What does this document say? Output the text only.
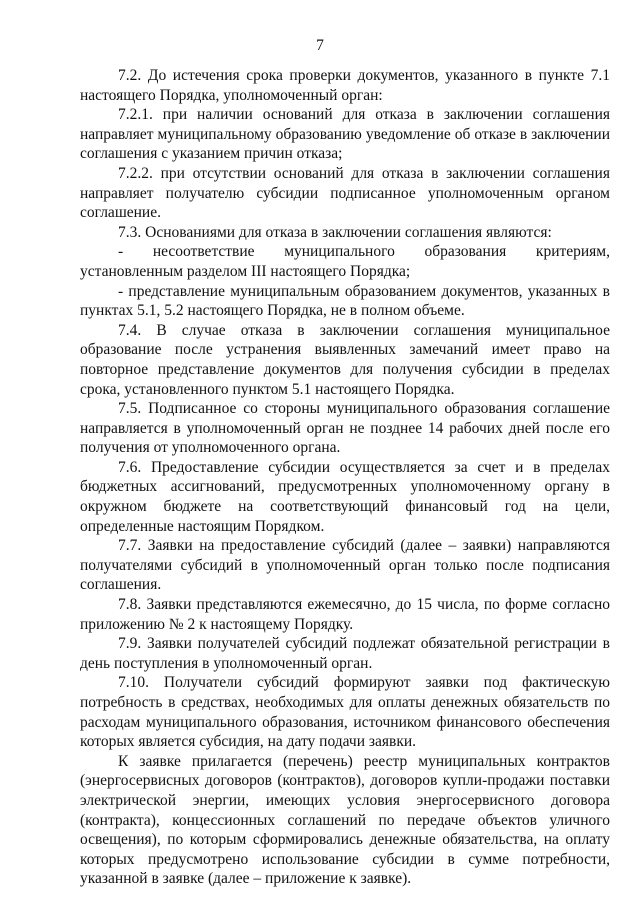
7

7.2. До истечения срока проверки документов, указанного в пункте 7.1 настоящего Порядка, уполномоченный орган:

7.2.1. при наличии оснований для отказа в заключении соглашения направляет муниципальному образованию уведомление об отказе в заключении соглашения с указанием причин отказа;

7.2.2. при отсутствии оснований для отказа в заключении соглашения направляет получателю субсидии подписанное уполномоченным органом соглашение.

7.3. Основаниями для отказа в заключении соглашения являются:

- несоответствие муниципального образования критериям, установленным разделом III настоящего Порядка;

- представление муниципальным образованием документов, указанных в пунктах 5.1, 5.2 настоящего Порядка, не в полном объеме.

7.4. В случае отказа в заключении соглашения муниципальное образование после устранения выявленных замечаний имеет право на повторное представление документов для получения субсидии в пределах срока, установленного пунктом 5.1 настоящего Порядка.

7.5. Подписанное со стороны муниципального образования соглашение направляется в уполномоченный орган не позднее 14 рабочих дней после его получения от уполномоченного органа.

7.6. Предоставление субсидии осуществляется за счет и в пределах бюджетных ассигнований, предусмотренных уполномоченному органу в окружном бюджете на соответствующий финансовый год на цели, определенные настоящим Порядком.

7.7. Заявки на предоставление субсидий (далее – заявки) направляются получателями субсидий в уполномоченный орган только после подписания соглашения.

7.8. Заявки представляются ежемесячно, до 15 числа, по форме согласно приложению № 2 к настоящему Порядку.

7.9. Заявки получателей субсидий подлежат обязательной регистрации в день поступления в уполномоченный орган.

7.10. Получатели субсидий формируют заявки под фактическую потребность в средствах, необходимых для оплаты денежных обязательств по расходам муниципального образования, источником финансового обеспечения которых является субсидия, на дату подачи заявки.

К заявке прилагается (перечень) реестр муниципальных контрактов (энергосервисных договоров (контрактов), договоров купли-продажи поставки электрической энергии, имеющих условия энергосервисного договора (контракта), концессионных соглашений по передаче объектов уличного освещения), по которым сформировались денежные обязательства, на оплату которых предусмотрено использование субсидии в сумме потребности, указанной в заявке (далее – приложение к заявке).
